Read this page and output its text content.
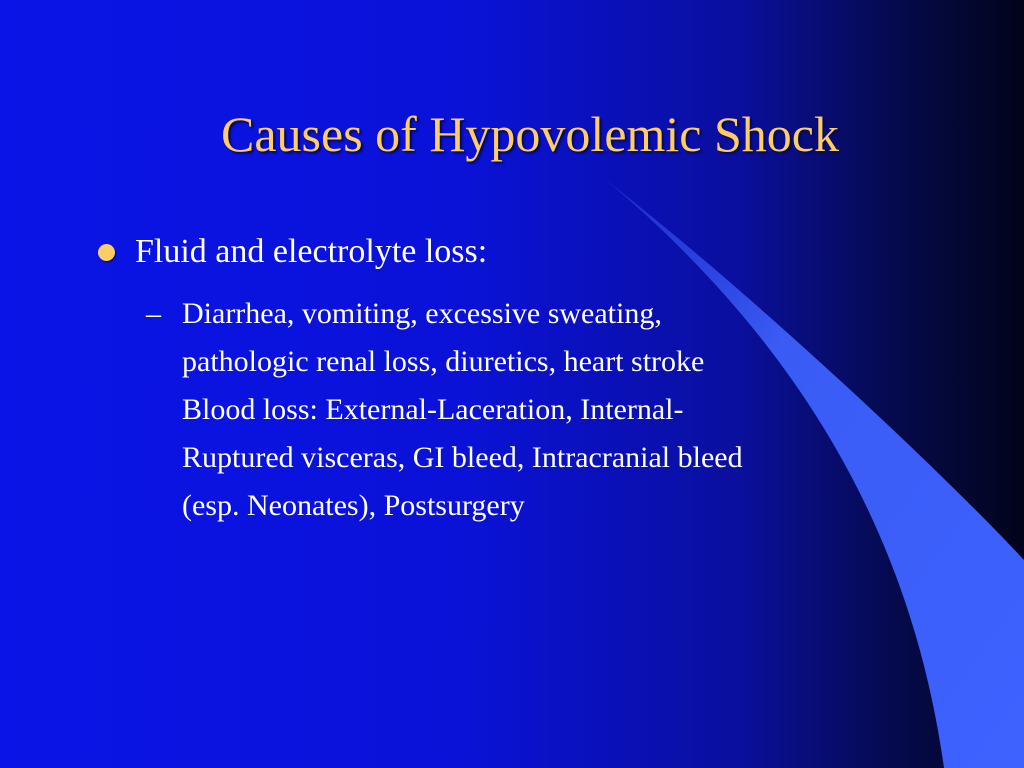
Causes of Hypovolemic Shock
Fluid and electrolyte loss:
– Diarrhea, vomiting, excessive sweating,
pathologic renal loss, diuretics, heart stroke
Blood loss: External-Laceration, Internal-
Ruptured visceras, GI bleed, Intracranial bleed
(esp. Neonates), Postsurgery
